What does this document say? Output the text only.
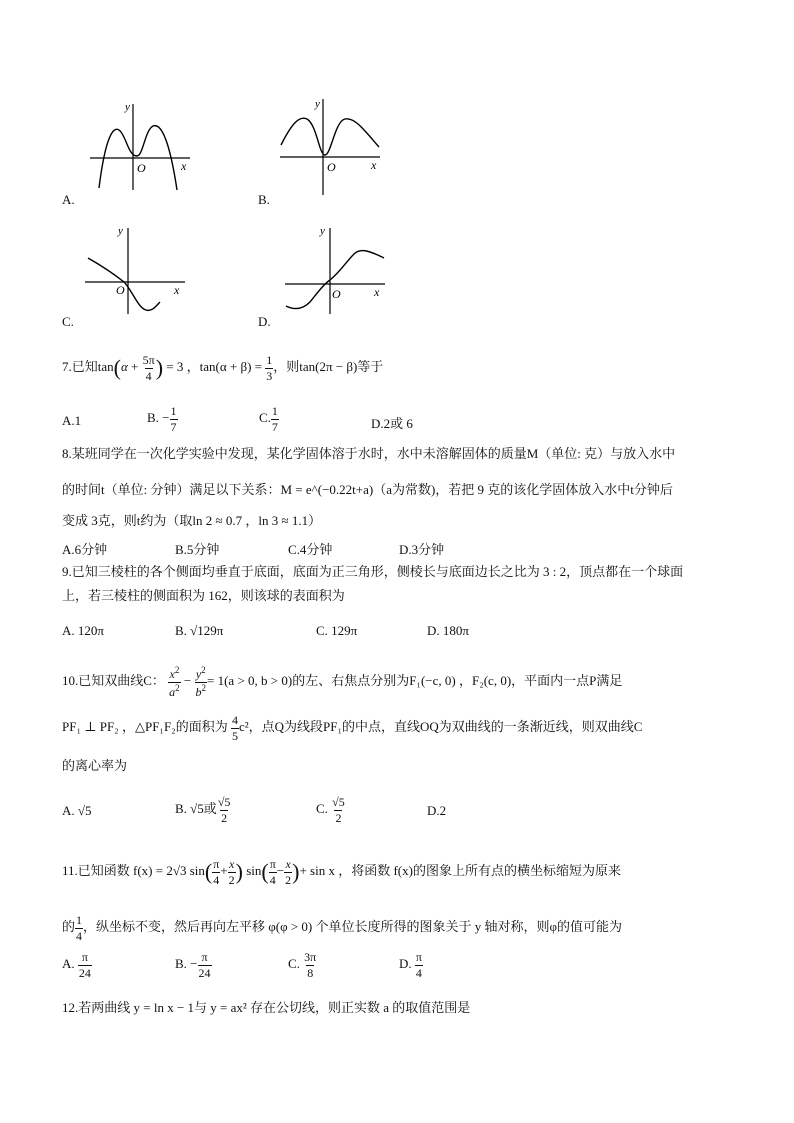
y
O	x
A.
y
O	x
B.
y
O	x
C.
y
O	x
D.
7.已知$\tan(\alpha + \frac{5\pi}{4}$ ) = 3 ，$\tan(\alpha + \beta) = \frac{1}{3}$ ，则tan(2π − β)等于
A.1	B. − $\frac{1}{7}$	C. $\frac{1}{7}$	D.2或 6
8.某班同学在一次化学实验中发现，某化学固体溶于水时，水中未溶解固体的质量M（单位: 克）与放入水中
的时间t（单位: 分钟）满足以下关系：M = e^(−0.22t+a)（a为常数)，若把 9 克的该化学固体放入水中t分钟后
变成 3克，则t约为（取ln 2 ≈ 0.7 ，ln 3 ≈ 1.1）
A.6分钟	B.5分钟	C.4分钟	D.3分钟
9.已知三棱柱的各个侧面均垂直于底面，底面为正三角形，侧棱长与底面边长之比为 3 : 2，顶点都在一个球面
上，若三棱柱的侧面积为 162，则该球的表面积为
A. 120π	B. √129π	C. 129π	D. 180π
10.已知双曲线C： $\frac{x^2}{a^2} - \frac{y^2}{b^2} = 1(a > 0$, b > 0)的左、右焦点分别为F₁(−c, 0) ，F₂(c, 0)，平面内一点P满足
PF₁ ⊥ PF₂ ，△PF₁F₂的面积为 $\frac{4}{5} c^2$，点Q为线段PF₁的中点，直线OQ为双曲线的一条渐近线，则双曲线C
的离心率为
A. √5	B. √5或 $\frac{√5}{2}$	C. $\frac{√5}{2}$	D.2
11.已知函数 f(x) = 2√3 $\sin( \frac{\pi}{4} + \frac{x}{2}$ ) $\sin( \frac{\pi}{4} - \frac{x}{2}$ )+ sin x ，将函数 f(x)的图象上所有点的横坐标缩短为原来
的 $\frac{1}{4}$ ，纵坐标不变，然后再向左平移 φ(φ > 0) 个单位长度所得的图象关于 y 轴对称，则φ的值可能为
A. $\frac{\pi}{24}$	B. − $\frac{\pi}{24}$	C. $\frac{3\pi}{8}$	D. $\frac{\pi}{4}$
12.若两曲线 y = ln x − 1与 y = ax² 存在公切线，则正实数 a 的取值范围是
